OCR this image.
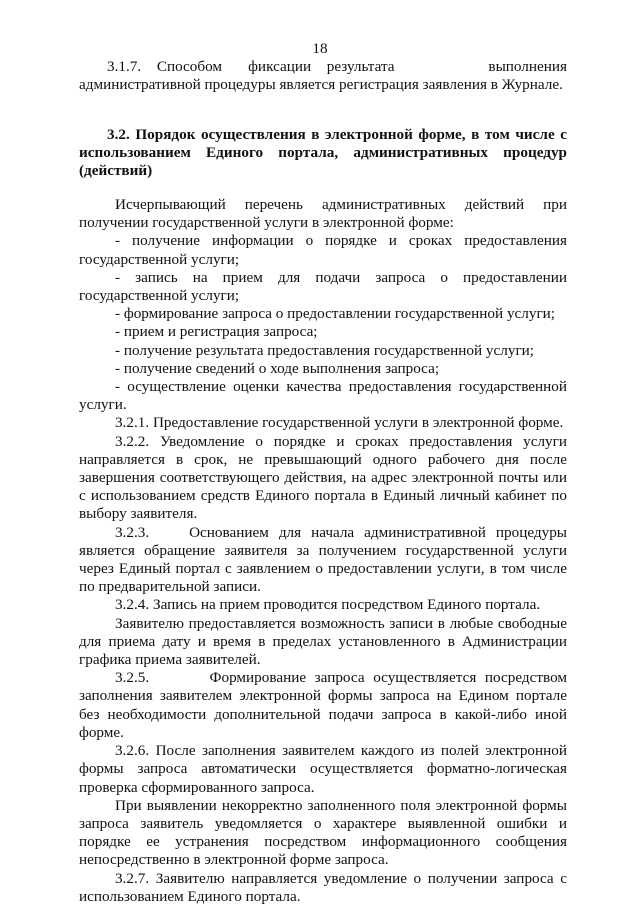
18

3.1.7.   Способом     фиксации   результата                  выполнения административной процедуры является регистрация заявления в Журнале.

3.2. Порядок осуществления в электронной форме, в том числе с использованием Единого портала, административных процедур (действий)

Исчерпывающий перечень административных действий при получении государственной услуги в электронной форме:

- получение информации о порядке и сроках предоставления государственной услуги;

- запись на прием для подачи запроса о предоставлении государственной услуги;

- формирование запроса о предоставлении государственной услуги;

- прием и регистрация запроса;

- получение результата предоставления государственной услуги;

- получение сведений о ходе выполнения запроса;

- осуществление оценки качества предоставления государственной услуги.

3.2.1. Предоставление государственной услуги в электронной форме.

3.2.2. Уведомление о порядке и сроках предоставления услуги направляется в срок, не превышающий одного рабочего дня после завершения соответствующего действия, на адрес электронной почты или с использованием средств Единого портала в Единый личный кабинет по выбору заявителя.

3.2.3.    Основанием для начала административной процедуры является обращение заявителя за получением государственной услуги через Единый портал с заявлением о предоставлении услуги, в том числе по предварительной записи.

3.2.4. Запись на прием проводится посредством Единого портала.

Заявителю предоставляется возможность записи в любые свободные для приема дату и время в пределах установленного в Администрации графика приема заявителей.

3.2.5.       Формирование запроса осуществляется посредством заполнения заявителем электронной формы запроса на Едином портале без необходимости дополнительной подачи запроса в какой-либо иной форме.

3.2.6. После заполнения заявителем каждого из полей электронной формы запроса автоматически осуществляется форматно-логическая проверка сформированного запроса.

При выявлении некорректно заполненного поля электронной формы запроса заявитель уведомляется о характере выявленной ошибки и порядке ее устранения посредством информационного сообщения непосредственно в электронной форме запроса.

3.2.7. Заявителю направляется уведомление о получении запроса с использованием Единого портала.
